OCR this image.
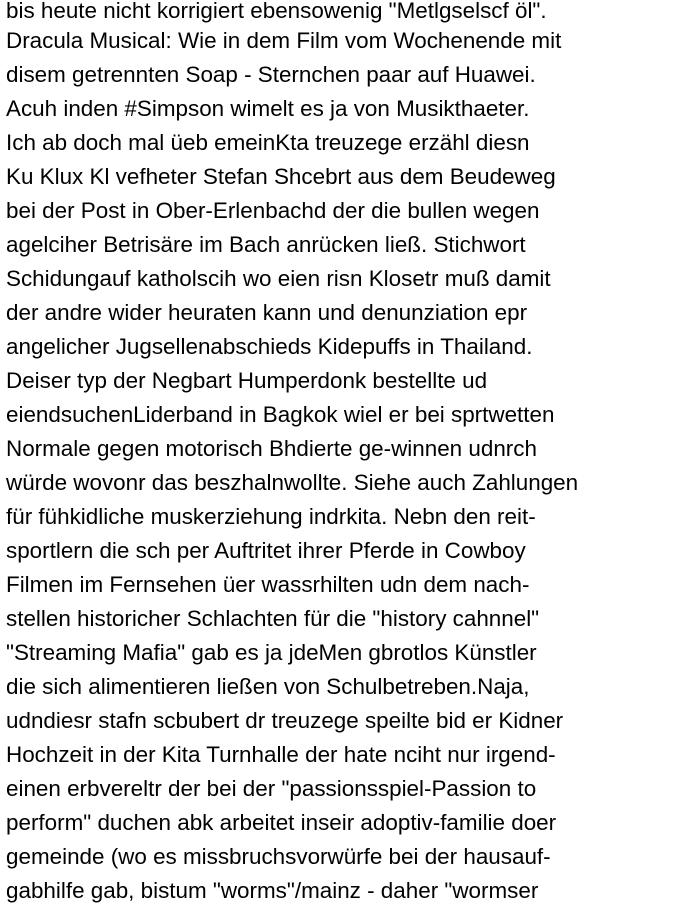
bis heute nicht korrigiert ebensowenig "Metlgselscf öl".
Dracula Musical: Wie in dem Film vom Wochenende mit
disem getrennten Soap - Sternchen paar auf Huawei.
Acuh inden #Simpson wimelt es ja von Musikthaeter.
Ich ab doch mal üeb emeinKta treuzege erzähl diesn
Ku Klux Kl vefheter Stefan Shcebrt aus dem Beudeweg
bei der Post in Ober-Erlenbachd der die bullen wegen
agelciher Betrisäre im Bach anrücken ließ. Stichwort
Schidungauf katholscih wo eien risn Klosetr muß damit
der andre wider heuraten kann und denunziation epr
angelicher Jugsellenabschieds Kidepuffs in Thailand.
Deiser typ der Negbart Humperdonk bestellte ud
eiendsuchenLiderband in Bagkok wiel er bei sprtwetten
Normale gegen motorisch Bhdierte ge-winnen udnrch
würde wovonr das beszhalnwollte. Siehe auch Zahlungen
für fühkidliche muskerziehung indrkita. Nebn den reit-
sportlern die sch per Auftritet ihrer Pferde in Cowboy
Filmen im Fernsehen üer wassrhilten udn dem nach-
stellen historicher Schlachten für die "history cahnnel"
"Streaming Mafia" gab es ja jdeMen gbrotlos Künstler
die sich alimentieren ließen von Schulbetreben.Naja,
udndiesr stafn scbubert dr treuzege speilte bid er Kidner
Hochzeit in der Kita Turnhalle der hate nciht nur irgend-
einen erbvereltr der bei der "passionsspiel-Passion to
perform" duchen abk arbeitet inseir adoptiv-familie doer
gemeinde (wo es missbruchsvorwürfe bei der hausauf-
gabhilfe gab, bistum "worms"/mainz - daher "wormser
